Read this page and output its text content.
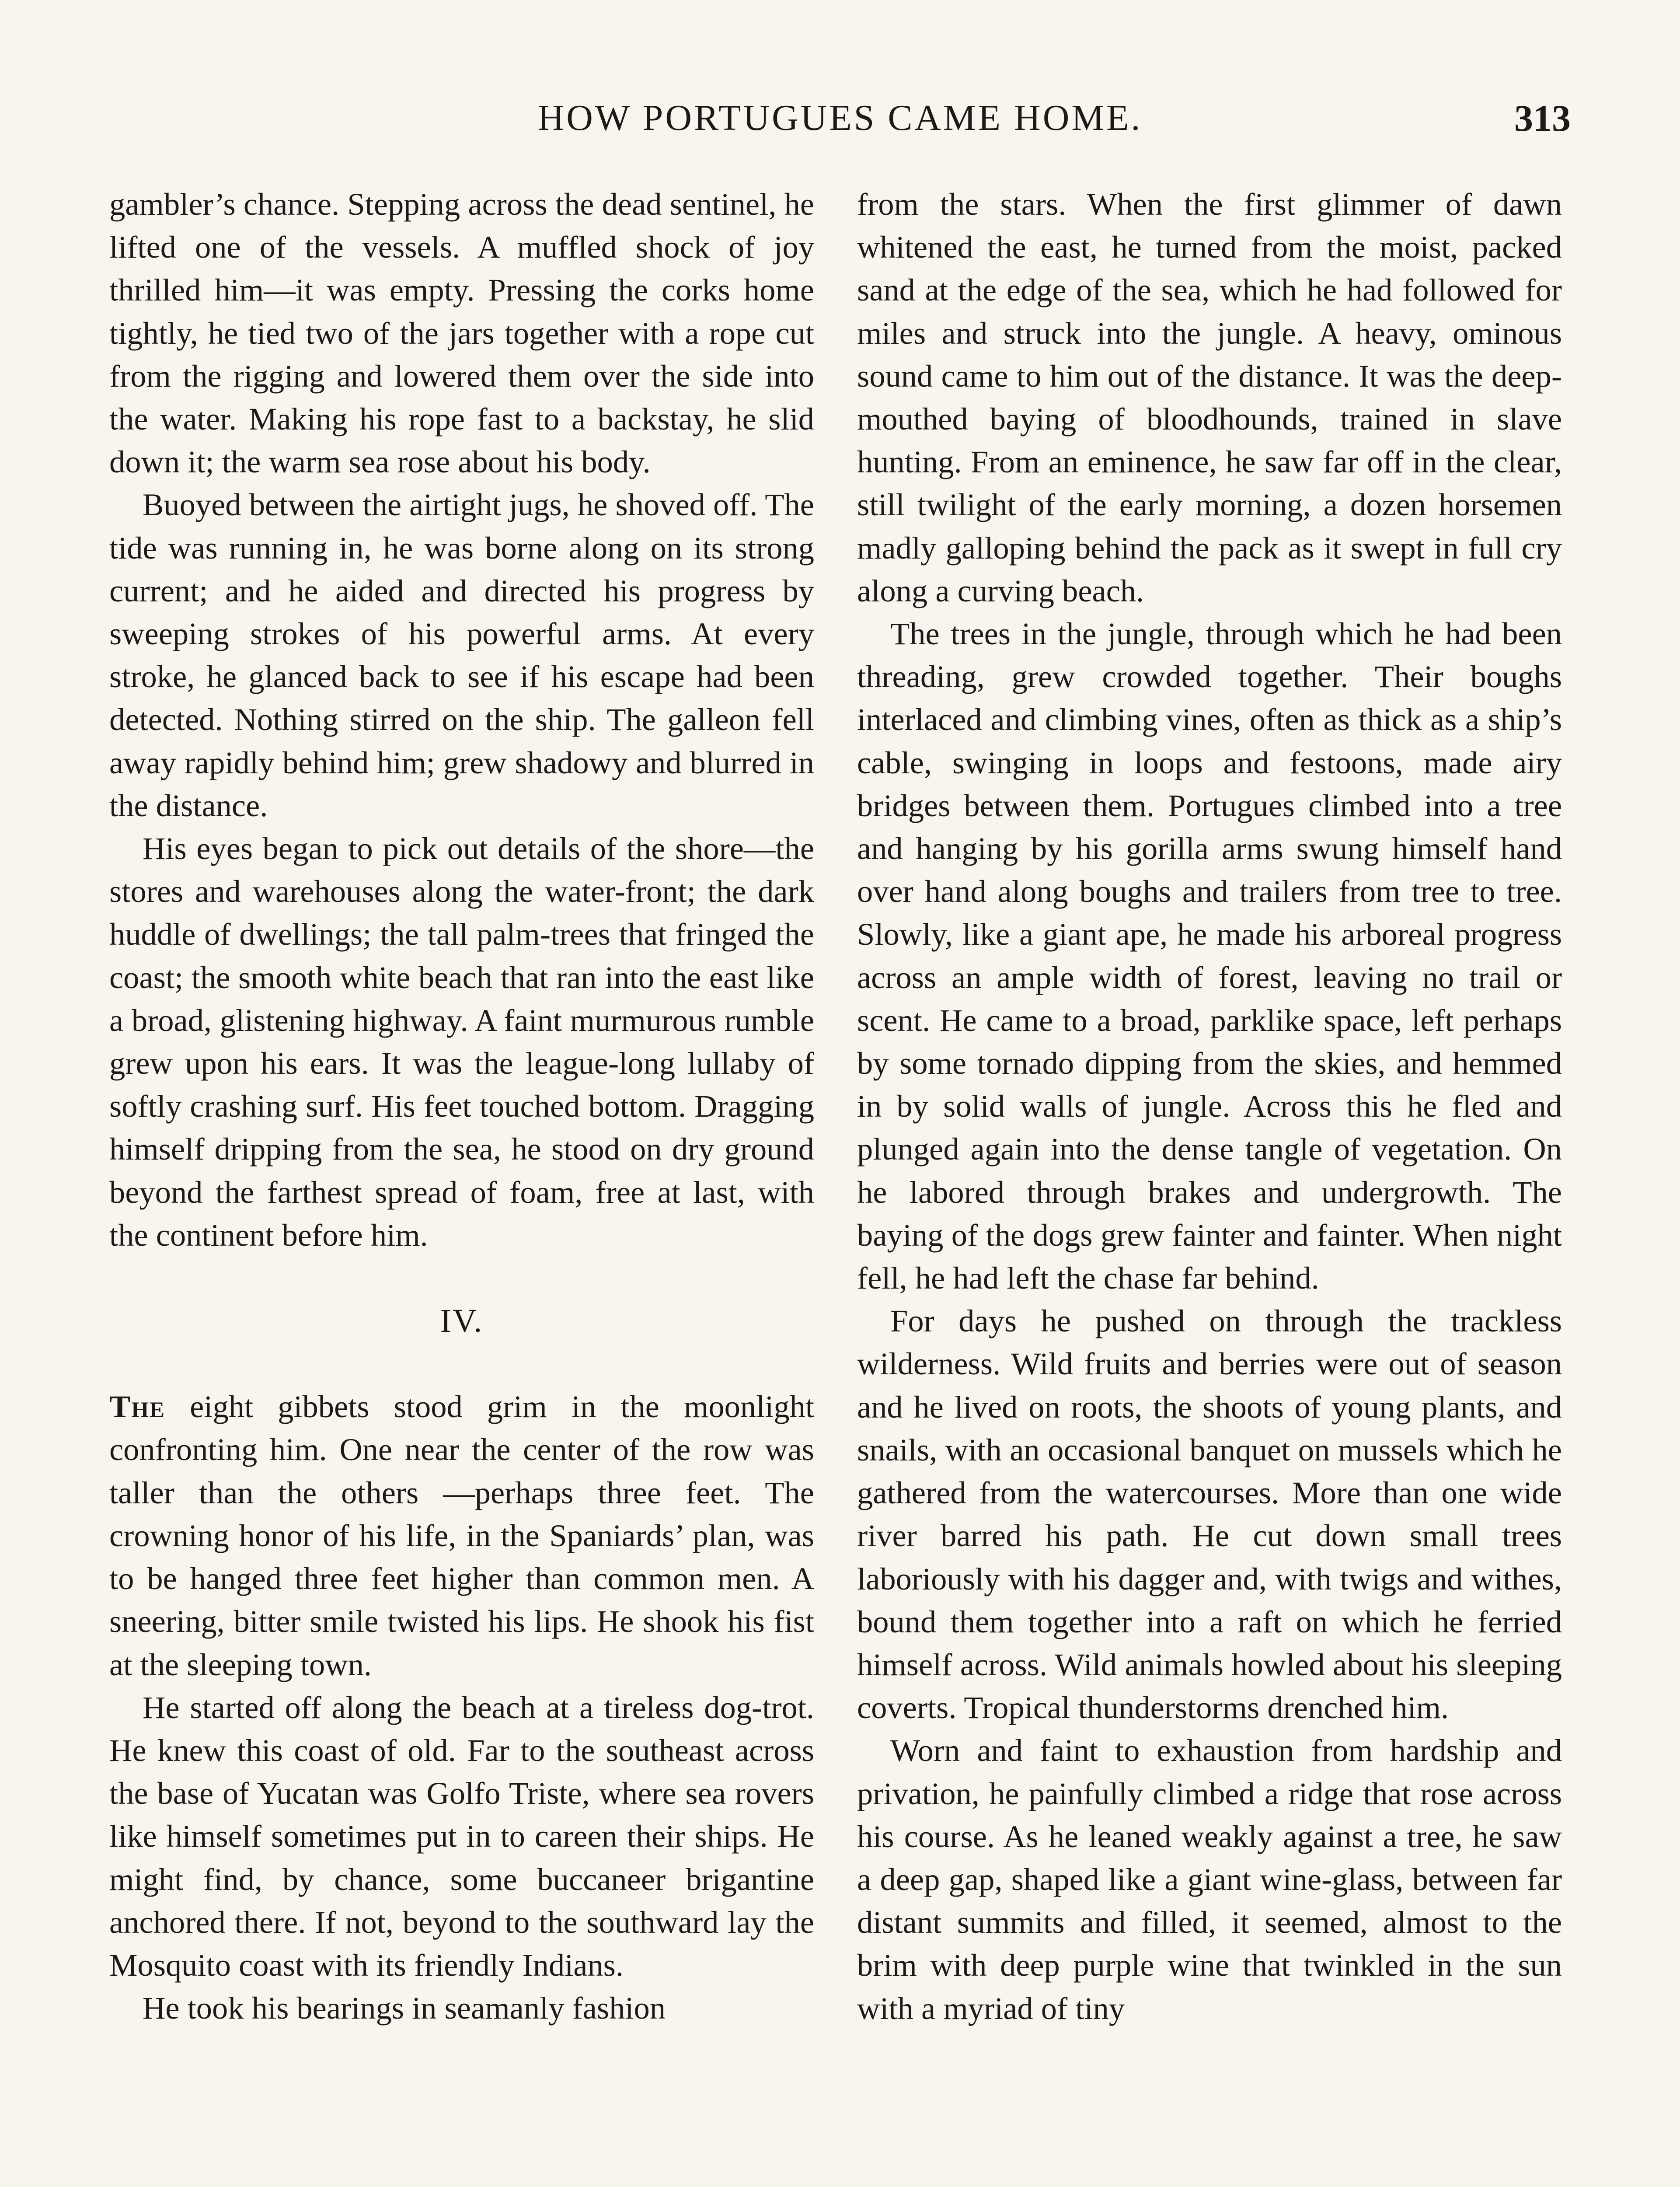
HOW PORTUGUES CAME HOME.	313

gambler’s chance. Stepping across the dead sentinel, he lifted one of the vessels. A muffled shock of joy thrilled him—it was empty. Pressing the corks home tightly, he tied two of the jars together with a rope cut from the rigging and lowered them over the side into the water. Making his rope fast to a backstay, he slid down it; the warm sea rose about his body.

Buoyed between the airtight jugs, he shoved off. The tide was running in, he was borne along on its strong current; and he aided and directed his progress by sweeping strokes of his powerful arms. At every stroke, he glanced back to see if his escape had been detected. Nothing stirred on the ship. The galleon fell away rapidly behind him; grew shadowy and blurred in the distance.

His eyes began to pick out details of the shore—the stores and warehouses along the water-front; the dark huddle of dwellings; the tall palm-trees that fringed the coast; the smooth white beach that ran into the east like a broad, glistening highway. A faint murmurous rumble grew upon his ears. It was the league-long lullaby of softly crashing surf. His feet touched bottom. Dragging himself dripping from the sea, he stood on dry ground beyond the farthest spread of foam, free at last, with the continent before him.

IV.

The eight gibbets stood grim in the moonlight confronting him. One near the center of the row was taller than the others —perhaps three feet. The crowning honor of his life, in the Spaniards’ plan, was to be hanged three feet higher than common men. A sneering, bitter smile twisted his lips. He shook his fist at the sleeping town.

He started off along the beach at a tireless dog-trot. He knew this coast of old. Far to the southeast across the base of Yucatan was Golfo Triste, where sea rovers like himself sometimes put in to careen their ships. He might find, by chance, some buccaneer brigantine anchored there. If not, beyond to the southward lay the Mosquito coast with its friendly Indians.

He took his bearings in seamanly fashion

from the stars. When the first glimmer of dawn whitened the east, he turned from the moist, packed sand at the edge of the sea, which he had followed for miles and struck into the jungle. A heavy, ominous sound came to him out of the distance. It was the deep-mouthed baying of bloodhounds, trained in slave hunting. From an eminence, he saw far off in the clear, still twilight of the early morning, a dozen horsemen madly galloping behind the pack as it swept in full cry along a curving beach.

The trees in the jungle, through which he had been threading, grew crowded together. Their boughs interlaced and climbing vines, often as thick as a ship’s cable, swinging in loops and festoons, made airy bridges between them. Portugues climbed into a tree and hanging by his gorilla arms swung himself hand over hand along boughs and trailers from tree to tree. Slowly, like a giant ape, he made his arboreal progress across an ample width of forest, leaving no trail or scent. He came to a broad, parklike space, left perhaps by some tornado dipping from the skies, and hemmed in by solid walls of jungle. Across this he fled and plunged again into the dense tangle of vegetation. On he labored through brakes and undergrowth. The baying of the dogs grew fainter and fainter. When night fell, he had left the chase far behind.

For days he pushed on through the trackless wilderness. Wild fruits and berries were out of season and he lived on roots, the shoots of young plants, and snails, with an occasional banquet on mussels which he gathered from the watercourses. More than one wide river barred his path. He cut down small trees laboriously with his dagger and, with twigs and withes, bound them together into a raft on which he ferried himself across. Wild animals howled about his sleeping coverts. Tropical thunderstorms drenched him.

Worn and faint to exhaustion from hardship and privation, he painfully climbed a ridge that rose across his course. As he leaned weakly against a tree, he saw a deep gap, shaped like a giant wine-glass, between far distant summits and filled, it seemed, almost to the brim with deep purple wine that twinkled in the sun with a myriad of tiny
